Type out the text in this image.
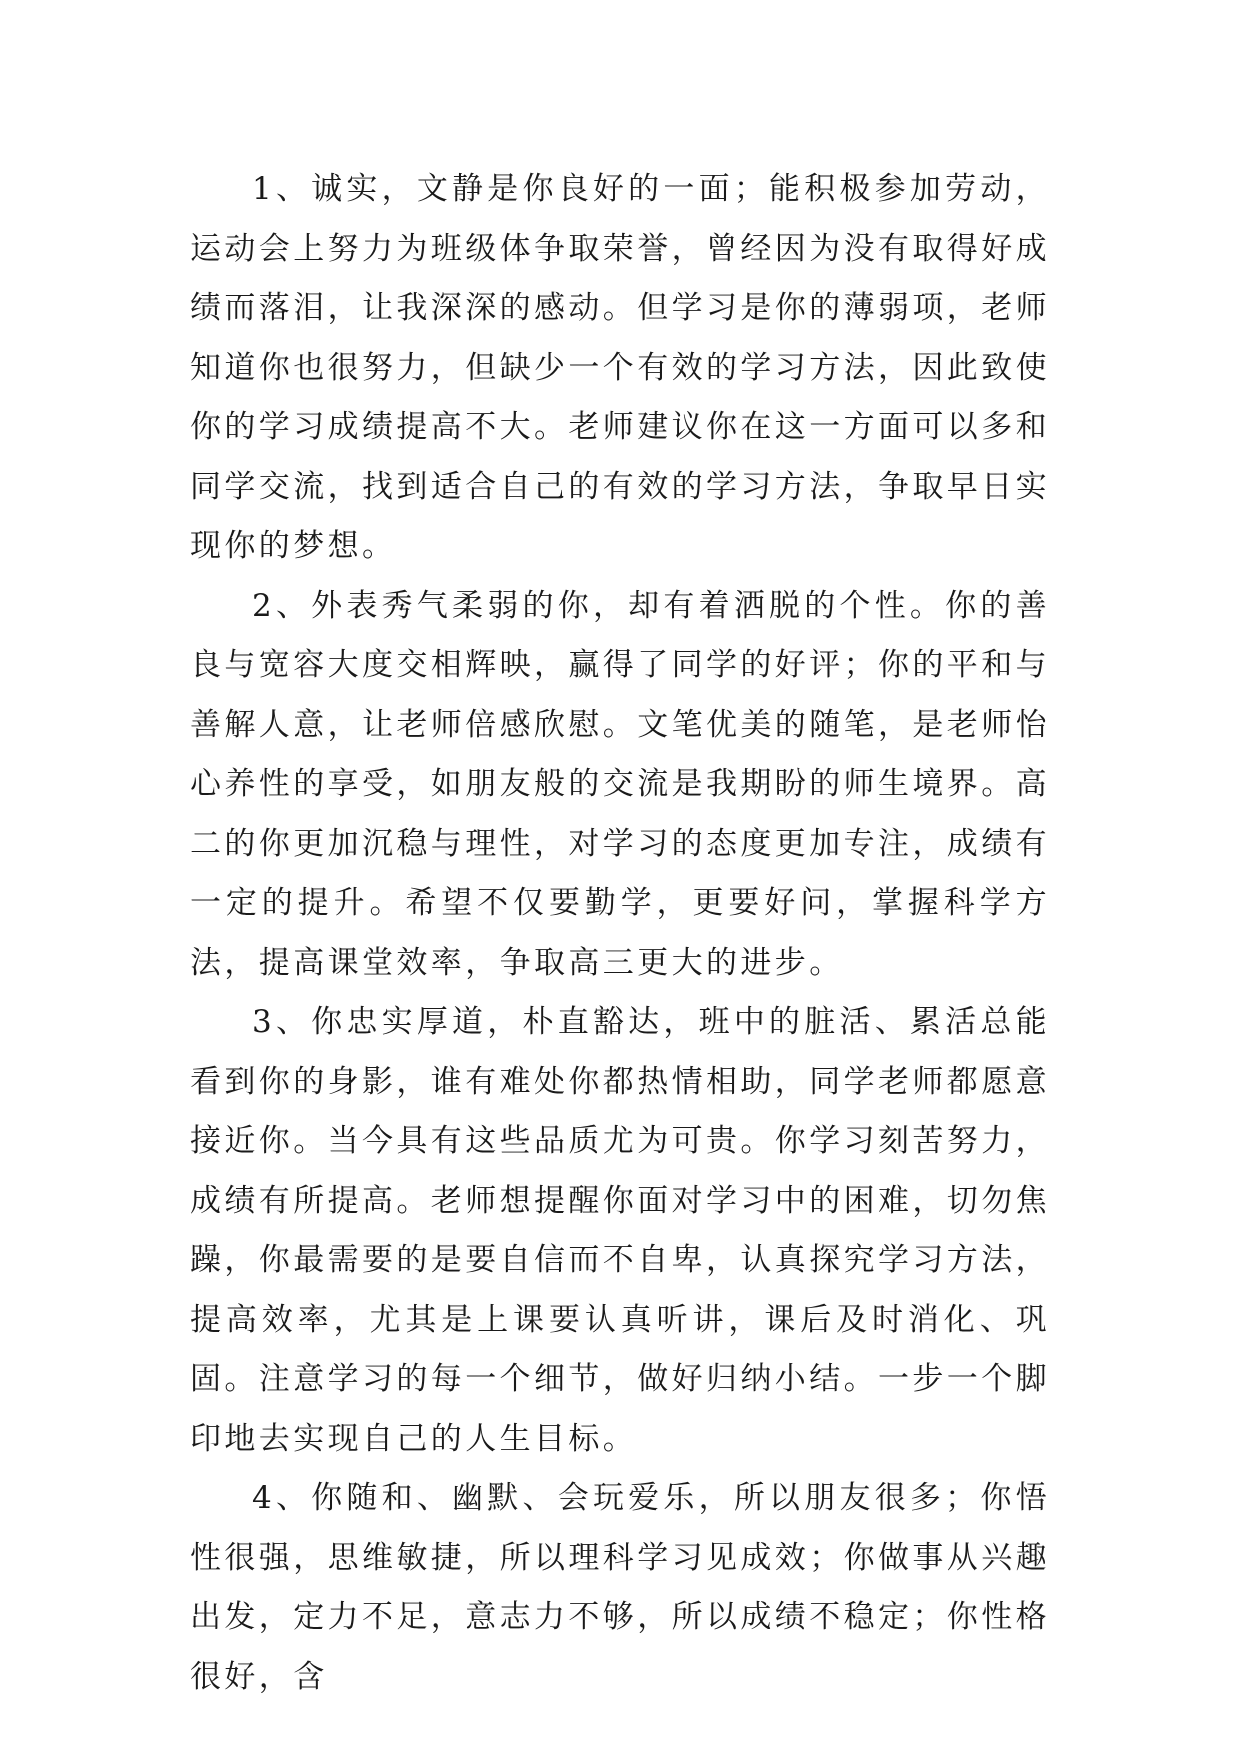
1、诚实，文静是你良好的一面；能积极参加劳动，运动会上努力为班级体争取荣誉，曾经因为没有取得好成绩而落泪，让我深深的感动。但学习是你的薄弱项，老师知道你也很努力，但缺少一个有效的学习方法，因此致使你的学习成绩提高不大。老师建议你在这一方面可以多和同学交流，找到适合自己的有效的学习方法，争取早日实现你的梦想。

2、外表秀气柔弱的你，却有着洒脱的个性。你的善良与宽容大度交相辉映，赢得了同学的好评；你的平和与善解人意，让老师倍感欣慰。文笔优美的随笔，是老师怡心养性的享受，如朋友般的交流是我期盼的师生境界。高二的你更加沉稳与理性，对学习的态度更加专注，成绩有一定的提升。希望不仅要勤学，更要好问，掌握科学方法，提高课堂效率，争取高三更大的进步。

3、你忠实厚道，朴直豁达，班中的脏活、累活总能看到你的身影，谁有难处你都热情相助，同学老师都愿意接近你。当今具有这些品质尤为可贵。你学习刻苦努力，成绩有所提高。老师想提醒你面对学习中的困难，切勿焦躁，你最需要的是要自信而不自卑，认真探究学习方法，提高效率，尤其是上课要认真听讲，课后及时消化、巩固。注意学习的每一个细节，做好归纳小结。一步一个脚印地去实现自己的人生目标。

4、你随和、幽默、会玩爱乐，所以朋友很多；你悟性很强，思维敏捷，所以理科学习见成效；你做事从兴趣出发，定力不足，意志力不够，所以成绩不稳定；你性格很好，含
